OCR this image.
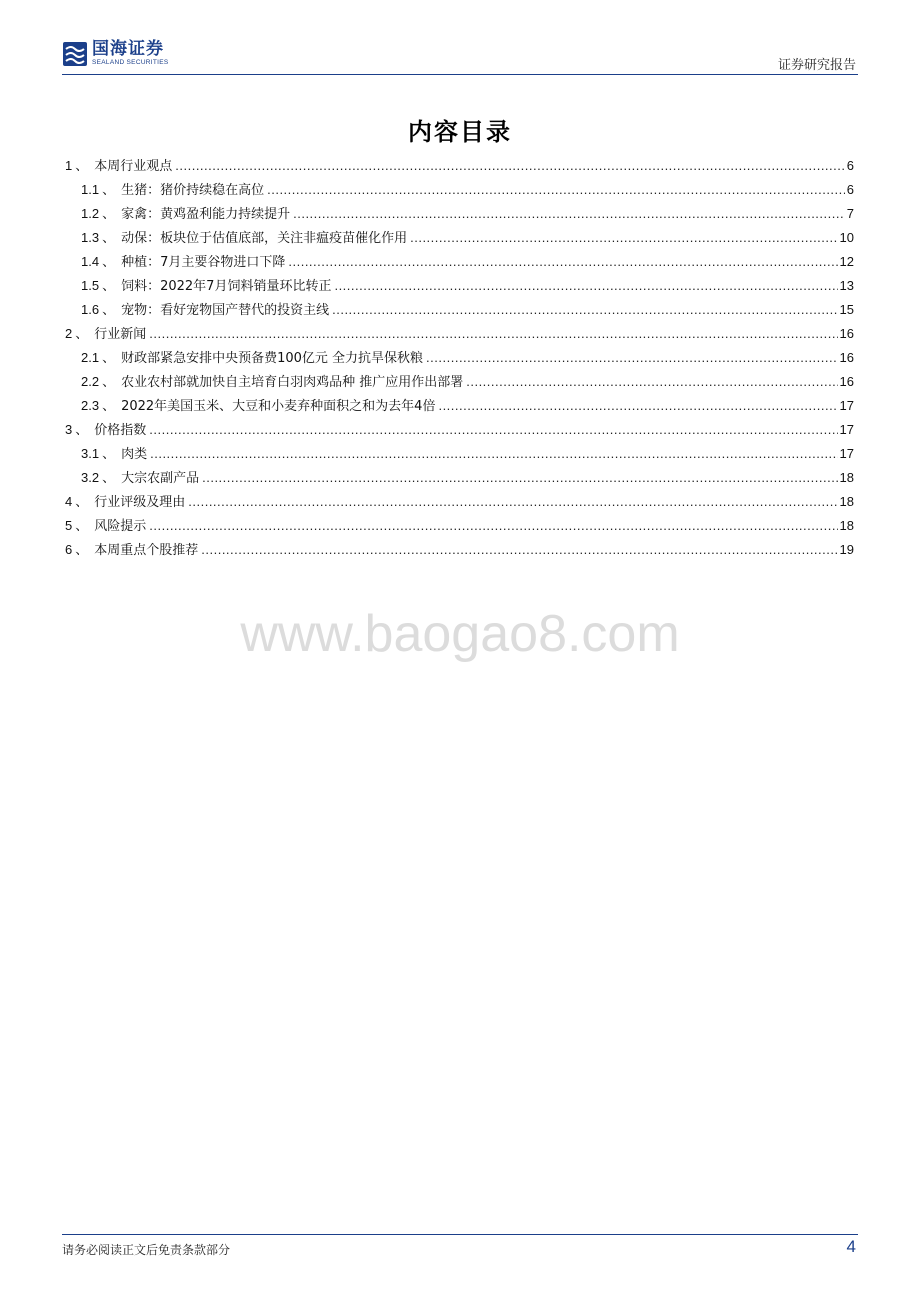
国海证券
SEALAND SECURITIES	证券研究报告
内容目录
1 、 本周行业观点 .....	6
1.1 、 生猪：猪价持续稳在高位 .....	6
1.2 、 家禽：黄鸡盈利能力持续提升 .....	7
1.3 、 动保：板块位于估值底部，关注非瘟疫苗催化作用 .....	10
1.4 、 种植：7月主要谷物进口下降 .....	12
1.5 、 饲料：2022年7月饲料销量环比转正 .....	13
1.6 、 宠物：看好宠物国产替代的投资主线 .....	15
2 、 行业新闻 .....	16
2.1 、 财政部紧急安排中央预备费100亿元 全力抗旱保秋粮 .....	16
2.2 、 农业农村部就加快自主培育白羽肉鸡品种 推广应用作出部署 .....	16
2.3 、 2022年美国玉米、大豆和小麦弃种面积之和为去年4倍 .....	17
3 、 价格指数 .....	17
3.1 、 肉类 .....	17
3.2 、 大宗农副产品 .....	18
4 、 行业评级及理由 .....	18
5 、 风险提示 .....	18
6 、 本周重点个股推荐 .....	19
www.baogao8.com
请务必阅读正文后免责条款部分	4
